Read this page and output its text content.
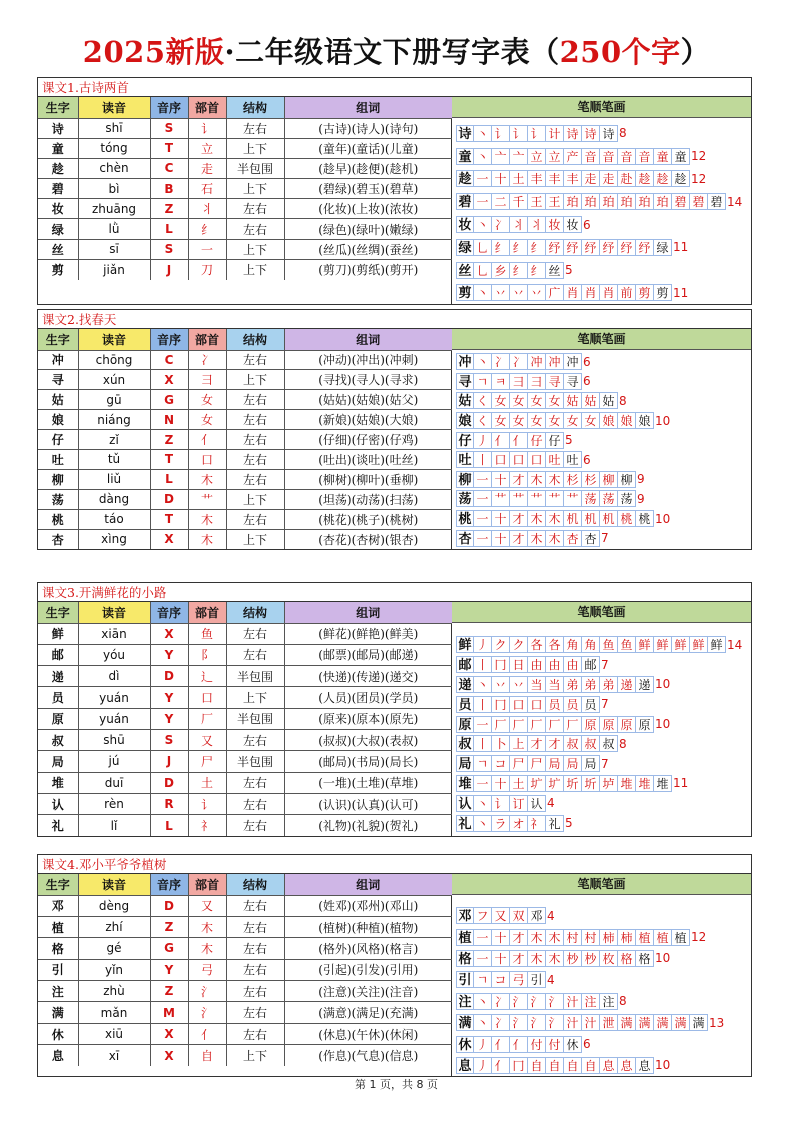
2025新版·二年级语文下册写字表（250个字）
课文1.古诗两首
生字	读音	音序	部首	结构	组词
诗	shī	S	讠	左右	(古诗)(诗人)(诗句)
童	tóng	T	立	上下	(童年)(童话)(儿童)
趁	chèn	C	走	半包围	(趁早)(趁便)(趁机)
碧	bì	B	石	上下	(碧绿)(碧玉)(碧草)
妆	zhuāng	Z	丬	左右	(化妆)(上妆)(浓妆)
绿	lǜ	L	纟	左右	(绿色)(绿叶)(嫩绿)
丝	sī	S	一	上下	(丝瓜)(丝绸)(蚕丝)
剪	jiǎn	J	刀	上下	(剪刀)(剪纸)(剪开)
笔顺笔画
诗 丶 讠 讠 讠 计 诗 诗 诗 8
童 丶 亠 亠 立 立 产 音 音 音 音 童 童 12
趁 一 十 土 丰 丰 丰 走 走 赴 趁 趁 趁 12
碧 一 二 千 王 王 珀 珀 珀 珀 珀 珀 碧 碧 碧 14
妆 丶 冫 丬 丬 妆 妆 6
绿 乚 纟 纟 纟 纾 纾 纾 纾 纾 纾 绿 11
丝 乚 乡 纟 纟 丝 5
剪 丶 丷 丷 丷 广 肖 肖 肖 前 剪 剪 11
课文2.找春天
生字	读音	音序	部首	结构	组词
冲	chōng	C	冫	左右	(冲动)(冲出)(冲刺)
寻	xún	X	彐	上下	(寻找)(寻人)(寻求)
姑	gū	G	女	左右	(姑姑)(姑娘)(姑父)
娘	niáng	N	女	左右	(新娘)(姑娘)(大娘)
仔	zǐ	Z	亻	左右	(仔细)(仔密)(仔鸡)
吐	tǔ	T	口	左右	(吐出)(谈吐)(吐丝)
柳	liǔ	L	木	左右	(柳树)(柳叶)(垂柳)
荡	dàng	D	艹	上下	(坦荡)(动荡)(扫荡)
桃	táo	T	木	左右	(桃花)(桃子)(桃树)
杏	xìng	X	木	上下	(杏花)(杏树)(银杏)
笔顺笔画
冲 丶 冫 冫 冲 冲 冲 6
寻 ㄱ ㅋ 彐 彐 寻 寻 6
姑 く 女 女 女 女 姑 姑 姑 8
娘 く 女 女 女 女 女 女 娘 娘 娘 10
仔 丿 亻 亻 仔 仔 5
吐 丨 口 口 口 吐 吐 6
柳 一 十 才 木 木 杉 杉 柳 柳 9
荡 一 艹 艹 艹 艹 艹 荡 荡 荡 9
桃 一 十 才 木 木 机 机 机 桃 桃 10
杏 一 十 才 木 木 杏 杏 7
课文3.开满鲜花的小路
生字	读音	音序	部首	结构	组词
鲜	xiān	X	鱼	左右	(鲜花)(鲜艳)(鲜美)
邮	yóu	Y	阝	左右	(邮票)(邮局)(邮递)
递	dì	D	辶	半包围	(快递)(传递)(递交)
员	yuán	Y	口	上下	(人员)(团员)(学员)
原	yuán	Y	厂	半包围	(原来)(原本)(原先)
叔	shū	S	又	左右	(叔叔)(大叔)(表叔)
局	jú	J	尸	半包围	(邮局)(书局)(局长)
堆	duī	D	土	左右	(一堆)(土堆)(草堆)
认	rèn	R	讠	左右	(认识)(认真)(认可)
礼	lǐ	L	礻	左右	(礼物)(礼貌)(贺礼)
笔顺笔画
鲜 丿 ク ク 各 各 角 角 鱼 鱼 鲜 鲜 鲜 鲜 鲜 14
邮 丨 冂 日 由 由 由 邮 7
递 丶 丷 丷 当 当 弟 弟 弟 递 递 10
员 丨 冂 口 口 员 员 员 7
原 一 厂 厂 厂 厂 厂 原 原 原 原 10
叔 丨 卜 上 才 才 叔 叔 叔 8
局 ㄱ コ 尸 尸 局 局 局 7
堆 一 十 土 圹 圹 圻 圻 垆 堆 堆 堆 11
认 丶 讠 订 认 4
礼 丶 ラ オ 礻 礼 5
课文4.邓小平爷爷植树
生字	读音	音序	部首	结构	组词
邓	dèng	D	又	左右	(姓邓)(邓州)(邓山)
植	zhí	Z	木	左右	(植树)(种植)(植物)
格	gé	G	木	左右	(格外)(风格)(格言)
引	yǐn	Y	弓	左右	(引起)(引发)(引用)
注	zhù	Z	氵	左右	(注意)(关注)(注音)
满	mǎn	M	氵	左右	(满意)(满足)(充满)
休	xiū	X	亻	左右	(休息)(午休)(休闲)
息	xī	X	自	上下	(作息)(气息)(信息)
笔顺笔画
邓 フ 又 双 邓 4
植 一 十 才 木 木 村 村 柿 柿 植 植 植 12
格 一 十 才 木 木 杪 杪 枚 格 格 10
引 ㄱ コ 弓 引 4
注 丶 冫 氵 氵 氵 汁 注 注 8
满 丶 冫 氵 氵 氵 汁 汁 泄 满 满 满 满 满 13
休 丿 亻 亻 付 付 休 6
息 丿 亻 冂 自 自 自 自 息 息 息 10
第 1 页，共 8 页
